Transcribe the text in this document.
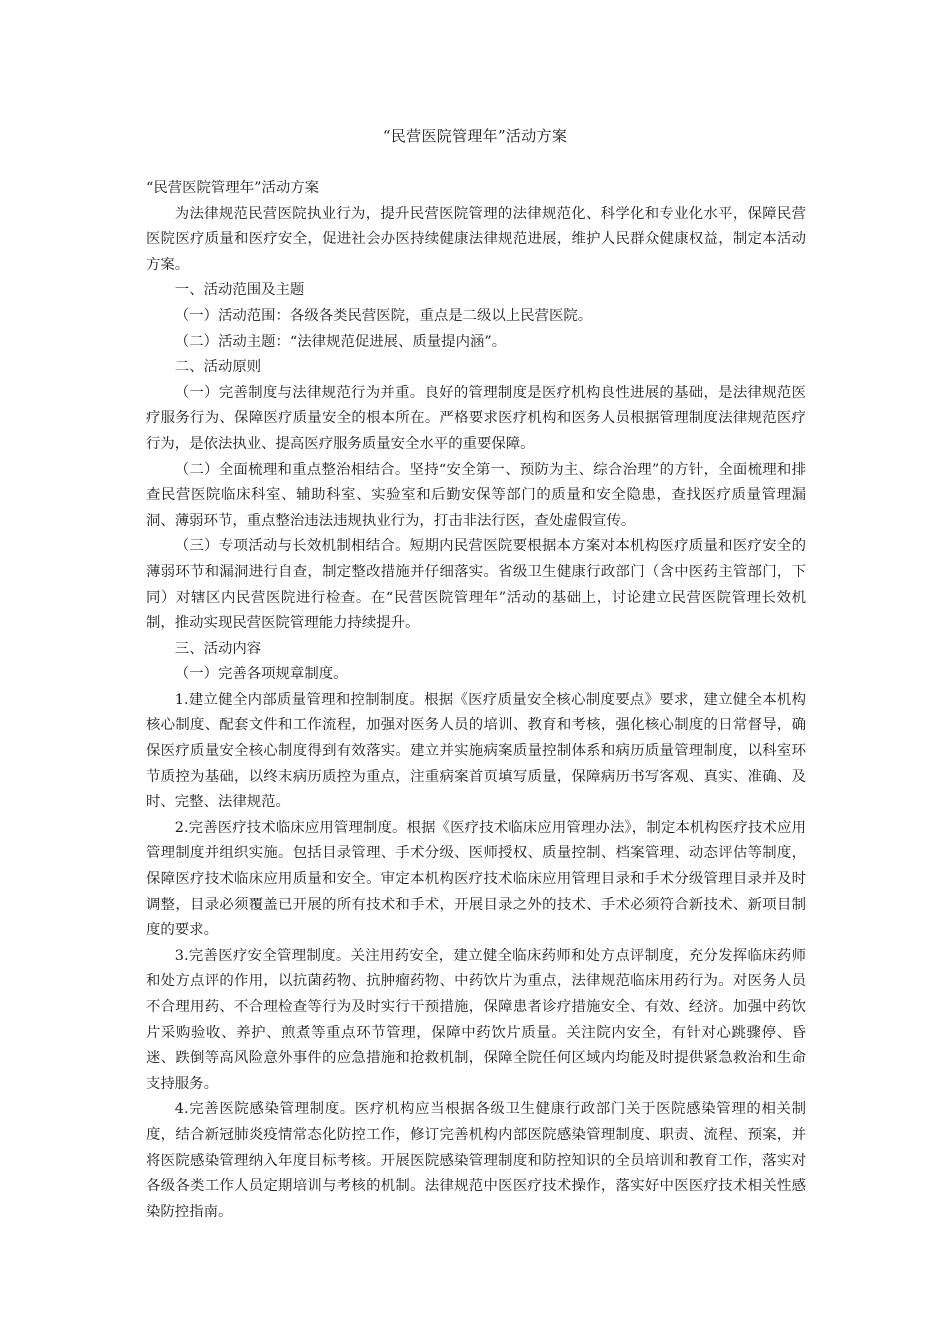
“民营医院管理年”活动方案

“民营医院管理年”活动方案

为法律规范民营医院执业行为，提升民营医院管理的法律规范化、科学化和专业化水平，保障民营医院医疗质量和医疗安全，促进社会办医持续健康法律规范进展，维护人民群众健康权益，制定本活动方案。

一、活动范围及主题

（一）活动范围：各级各类民营医院，重点是二级以上民营医院。

（二）活动主题：“法律规范促进展、质量提内涵”。

二、活动原则

（一）完善制度与法律规范行为并重。良好的管理制度是医疗机构良性进展的基础，是法律规范医疗服务行为、保障医疗质量安全的根本所在。严格要求医疗机构和医务人员根据管理制度法律规范医疗行为，是依法执业、提高医疗服务质量安全水平的重要保障。

（二）全面梳理和重点整治相结合。坚持“安全第一、预防为主、综合治理”的方针，全面梳理和排查民营医院临床科室、辅助科室、实验室和后勤安保等部门的质量和安全隐患，查找医疗质量管理漏洞、薄弱环节，重点整治违法违规执业行为，打击非法行医，查处虚假宣传。

（三）专项活动与长效机制相结合。短期内民营医院要根据本方案对本机构医疗质量和医疗安全的薄弱环节和漏洞进行自查，制定整改措施并仔细落实。省级卫生健康行政部门（含中医药主管部门，下同）对辖区内民营医院进行检查。在“民营医院管理年”活动的基础上，讨论建立民营医院管理长效机制，推动实现民营医院管理能力持续提升。

三、活动内容

（一）完善各项规章制度。

1.建立健全内部质量管理和控制制度。根据《医疗质量安全核心制度要点》要求，建立健全本机构核心制度、配套文件和工作流程，加强对医务人员的培训、教育和考核，强化核心制度的日常督导，确保医疗质量安全核心制度得到有效落实。建立并实施病案质量控制体系和病历质量管理制度，以科室环节质控为基础，以终末病历质控为重点，注重病案首页填写质量，保障病历书写客观、真实、准确、及时、完整、法律规范。

2.完善医疗技术临床应用管理制度。根据《医疗技术临床应用管理办法》，制定本机构医疗技术应用管理制度并组织实施。包括目录管理、手术分级、医师授权、质量控制、档案管理、动态评估等制度，保障医疗技术临床应用质量和安全。审定本机构医疗技术临床应用管理目录和手术分级管理目录并及时调整，目录必须覆盖已开展的所有技术和手术，开展目录之外的技术、手术必须符合新技术、新项目制度的要求。

3.完善医疗安全管理制度。关注用药安全，建立健全临床药师和处方点评制度，充分发挥临床药师和处方点评的作用，以抗菌药物、抗肿瘤药物、中药饮片为重点，法律规范临床用药行为。对医务人员不合理用药、不合理检查等行为及时实行干预措施，保障患者诊疗措施安全、有效、经济。加强中药饮片采购验收、养护、煎煮等重点环节管理，保障中药饮片质量。关注院内安全，有针对心跳骤停、昏迷、跌倒等高风险意外事件的应急措施和抢救机制，保障全院任何区域内均能及时提供紧急救治和生命支持服务。

4.完善医院感染管理制度。医疗机构应当根据各级卫生健康行政部门关于医院感染管理的相关制度，结合新冠肺炎疫情常态化防控工作，修订完善机构内部医院感染管理制度、职责、流程、预案，并将医院感染管理纳入年度目标考核。开展医院感染管理制度和防控知识的全员培训和教育工作，落实对各级各类工作人员定期培训与考核的机制。法律规范中医医疗技术操作，落实好中医医疗技术相关性感染防控指南。
